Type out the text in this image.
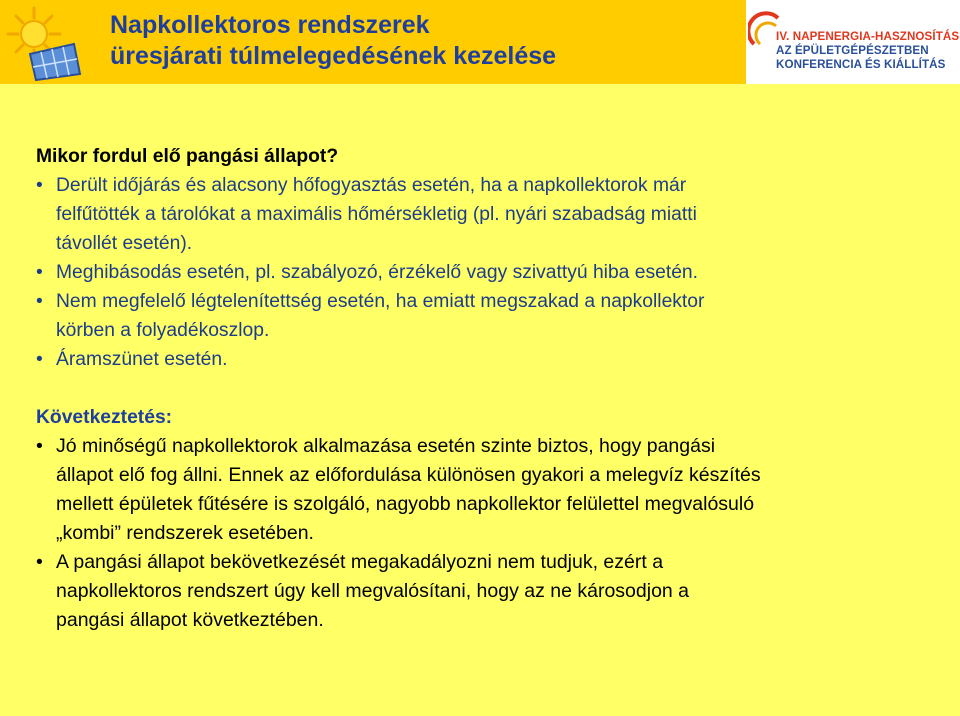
Napkollektoros rendszerek
üresjárati túlmelegedésének kezelése
IV. NAPENERGIA-HASZNOSÍTÁS
AZ ÉPÜLETGÉPÉSZETBEN
KONFERENCIA ÉS KIÁLLÍTÁS
Mikor fordul elő pangási állapot?
• Derült időjárás és alacsony hőfogyasztás esetén, ha a napkollektorok már
felfűtötték a tárolókat a maximális hőmérsékletig (pl. nyári szabadság miatti
távollét esetén).
• Meghibásodás esetén, pl. szabályozó, érzékelő vagy szivattyú hiba esetén.
• Nem megfelelő légtelenítettség esetén, ha emiatt megszakad a napkollektor
körben a folyadékoszlop.
• Áramszünet esetén.
Következtetés:
• Jó minőségű napkollektorok alkalmazása esetén szinte biztos, hogy pangási
állapot elő fog állni. Ennek az előfordulása különösen gyakori a melegvíz készítés
mellett épületek fűtésére is szolgáló, nagyobb napkollektor felülettel megvalósuló
„kombi” rendszerek esetében.
• A pangási állapot bekövetkezését megakadályozni nem tudjuk, ezért a
napkollektoros rendszert úgy kell megvalósítani, hogy az ne károsodjon a
pangási állapot következtében.
